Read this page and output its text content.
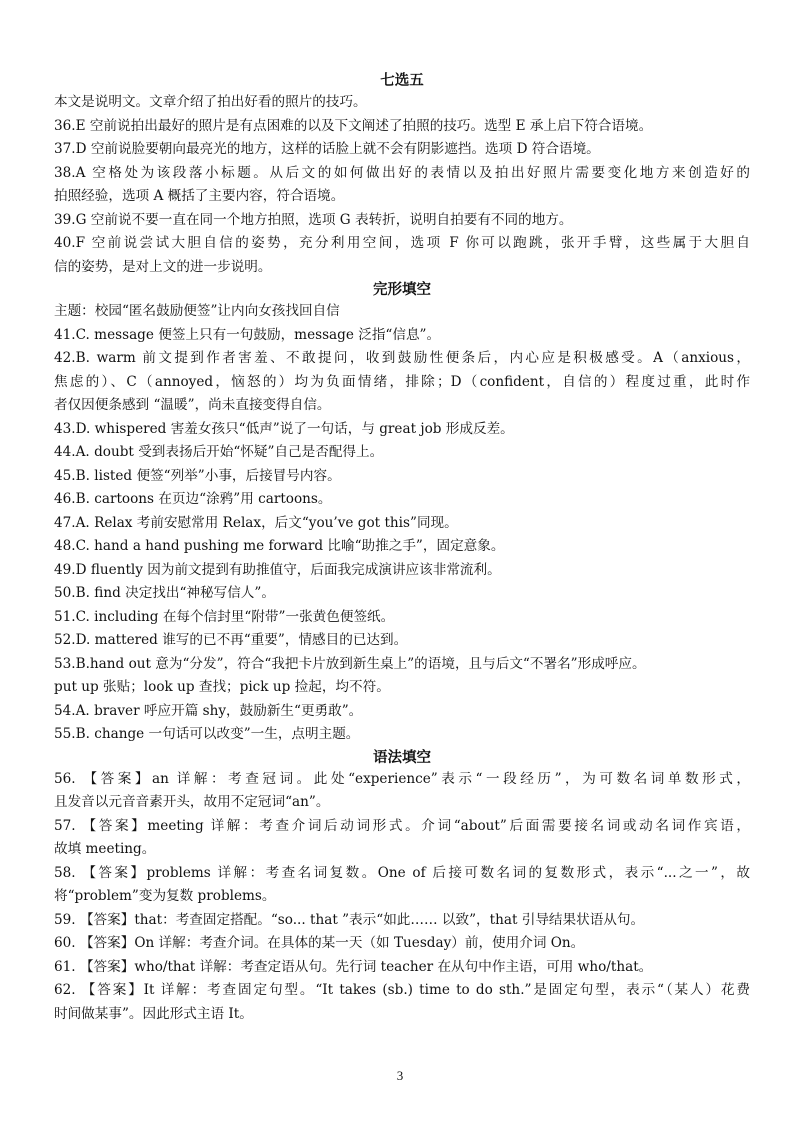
七选五
本文是说明文。文章介绍了拍出好看的照片的技巧。
36.E 空前说拍出最好的照片是有点困难的以及下文阐述了拍照的技巧。选型 E 承上启下符合语境。
37.D 空前说脸要朝向最亮光的地方，这样的话脸上就不会有阴影遮挡。选项 D 符合语境。
38.A 空格处为该段落小标题。从后文的如何做出好的表情以及拍出好照片需要变化地方来创造好的
拍照经验，选项 A 概括了主要内容，符合语境。
39.G 空前说不要一直在同一个地方拍照，选项 G 表转折，说明自拍要有不同的地方。
40.F 空前说尝试大胆自信的姿势，充分利用空间，选项 F 你可以跑跳，张开手臂，这些属于大胆自
信的姿势，是对上文的进一步说明。
完形填空
主题：校园“匿名鼓励便签”让内向女孩找回自信
41.C. message 便签上只有一句鼓励，message 泛指“信息”。
42.B. warm 前文提到作者害羞、不敢提问，收到鼓励性便条后，内心应是积极感受。A（anxious，
焦虑的）、C（annoyed，恼怒的）均为负面情绪，排除；D（confident，自信的）程度过重，此时作
者仅因便条感到 “温暖”，尚未直接变得自信。
43.D. whispered 害羞女孩只“低声”说了一句话，与 great job 形成反差。
44.A. doubt 受到表扬后开始“怀疑”自己是否配得上。
45.B. listed 便签“列举”小事，后接冒号内容。
46.B. cartoons 在页边“涂鸦”用 cartoons。
47.A. Relax 考前安慰常用 Relax，后文“you’ve got this”同现。
48.C. hand a hand pushing me forward 比喻“助推之手”，固定意象。
49.D fluently 因为前文提到有助推值守，后面我完成演讲应该非常流利。
50.B. find 决定找出“神秘写信人”。
51.C. including 在每个信封里“附带”一张黄色便签纸。
52.D. mattered 谁写的已不再“重要”，情感目的已达到。
53.B.hand out 意为“分发”，符合“我把卡片放到新生桌上”的语境，且与后文“不署名”形成呼应。
put up 张贴；look up 查找；pick up 捡起，均不符。
54.A. braver 呼应开篇 shy，鼓励新生“更勇敢”。
55.B. change 一句话可以改变”一生，点明主题。
语法填空
56. 【答案】an 详解：考查冠词。此处“experience”表示“一段经历”，为可数名词单数形式，
且发音以元音音素开头，故用不定冠词“an”。
57. 【答案】meeting 详解：考查介词后动词形式。介词“about”后面需要接名词或动名词作宾语，
故填 meeting。
58. 【答案】problems 详解：考查名词复数。One of 后接可数名词的复数形式，表示“...之一”，故
将“problem”变为复数 problems。
59. 【答案】that：考查固定搭配。“so... that ”表示“如此…… 以致”，that 引导结果状语从句。
60. 【答案】On 详解：考查介词。在具体的某一天（如 Tuesday）前，使用介词 On。
61. 【答案】who/that 详解：考查定语从句。先行词 teacher 在从句中作主语，可用 who/that。
62. 【答案】It 详解：考查固定句型。“It takes (sb.) time to do sth.”是固定句型，表示“（某人）花费
时间做某事”。因此形式主语 It。
3
